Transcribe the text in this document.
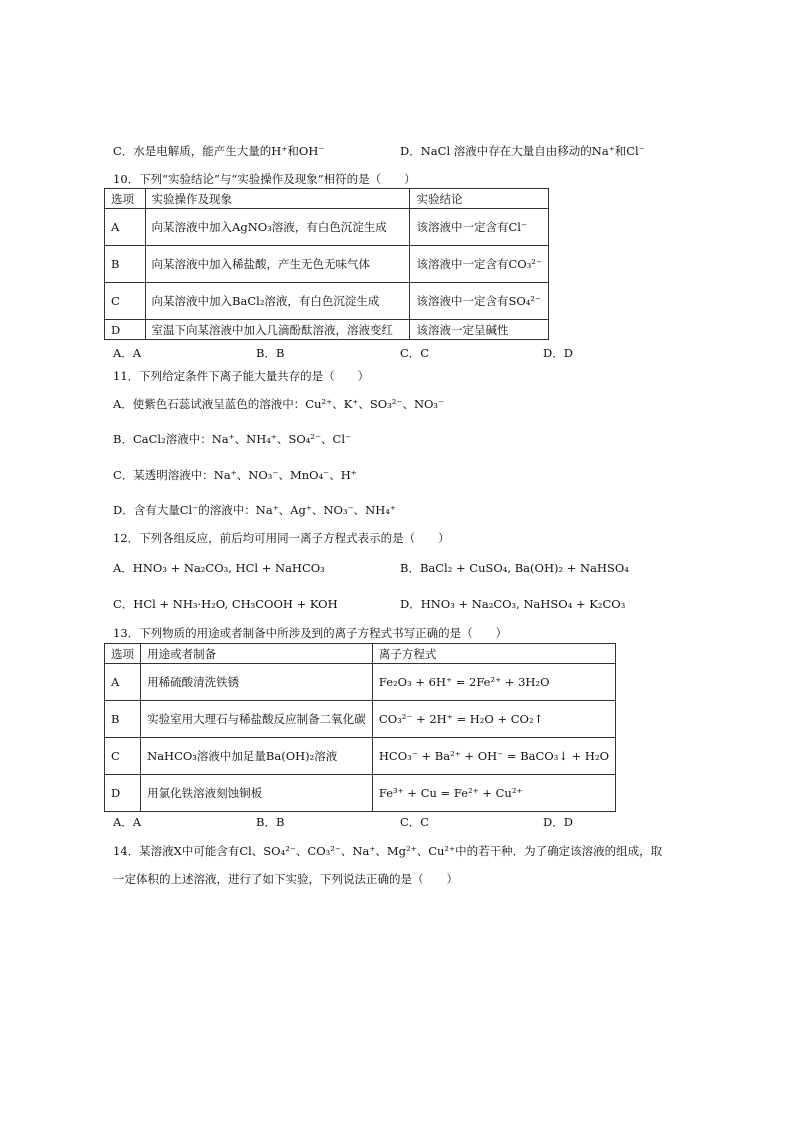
C．水是电解质，能产生大量的H⁺和OH⁻	D．NaCl 溶液中存在大量自由移动的Na⁺和Cl⁻
10．下列“实验结论”与“实验操作及现象”相符的是（　　）
选项	实验操作及现象	实验结论
A	向某溶液中加入AgNO₃溶液，有白色沉淀生成	该溶液中一定含有Cl⁻
B	向某溶液中加入稀盐酸，产生无色无味气体	该溶液中一定含有CO₃²⁻
C	向某溶液中加入BaCl₂溶液，有白色沉淀生成	该溶液中一定含有SO₄²⁻
D	室温下向某溶液中加入几滴酚酞溶液，溶液变红	该溶液一定呈碱性
A．A	B．B	C．C	D．D
11．下列给定条件下离子能大量共存的是（　　）
A．使紫色石蕊试液呈蓝色的溶液中：Cu²⁺、K⁺、SO₃²⁻、NO₃⁻
B．CaCl₂溶液中：Na⁺、NH₄⁺、SO₄²⁻、Cl⁻
C．某透明溶液中：Na⁺、NO₃⁻、MnO₄⁻、H⁺
D．含有大量Cl⁻的溶液中：Na⁺、Ag⁺、NO₃⁻、NH₄⁺
12．下列各组反应，前后均可用同一离子方程式表示的是（　　）
A．HNO₃ + Na₂CO₃, HCl + NaHCO₃	B．BaCl₂ + CuSO₄, Ba(OH)₂ + NaHSO₄
C．HCl + NH₃·H₂O, CH₃COOH + KOH	D．HNO₃ + Na₂CO₃, NaHSO₄ + K₂CO₃
13．下列物质的用途或者制备中所涉及到的离子方程式书写正确的是（　　）
选项	用途或者制备	离子方程式
A	用稀硫酸清洗铁锈	Fe₂O₃ + 6H⁺ = 2Fe²⁺ + 3H₂O
B	实验室用大理石与稀盐酸反应制备二氧化碳	CO₃²⁻ + 2H⁺ = H₂O + CO₂↑
C	NaHCO₃溶液中加足量Ba(OH)₂溶液	HCO₃⁻ + Ba²⁺ + OH⁻ = BaCO₃↓ + H₂O
D	用氯化铁溶液刻蚀铜板	Fe³⁺ + Cu = Fe²⁺ + Cu²⁺
A．A	B．B	C．C	D．D
14．某溶液X中可能含有Cl、SO₄²⁻、CO₃²⁻、Na⁺、Mg²⁺、Cu²⁺中的若干种．为了确定该溶液的组成，取
一定体积的上述溶液，进行了如下实验，下列说法正确的是（　　）
